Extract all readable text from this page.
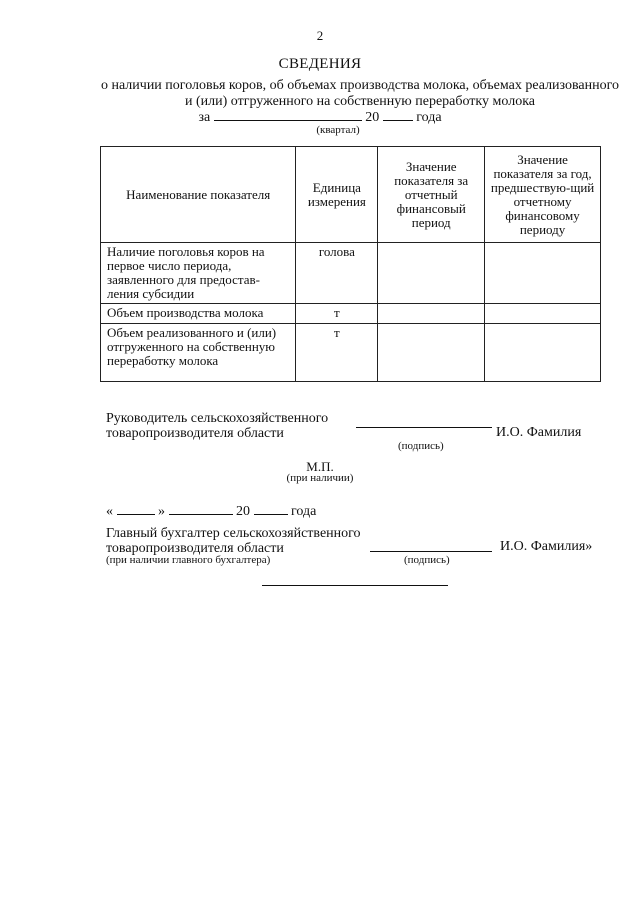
2
СВЕДЕНИЯ
о наличии поголовья коров, об объемах производства молока, объемах реализованного и (или) отгруженного на собственную переработку молока
за	20	года
(квартал)
Наименование показателя	Единица измерения	Значение показателя за отчетный финансовый период	Значение показателя за год, предшествую-щий отчетному финансовому периоду
Наличие поголовья коров на первое число периода, заявленного для предостав-ления субсидии	голова		
Объем производства молока	т		
Объем реализованного и (или) отгруженного на собственную переработку молока	т		
Руководитель сельскохозяйственного товаропроизводителя области	И.О. Фамилия
(подпись)
М.П.
(при наличии)
«	»	20	года
Главный бухгалтер сельскохозяйственного товаропроизводителя области
(при наличии главного бухгалтера)
И.О. Фамилия»
(подпись)
